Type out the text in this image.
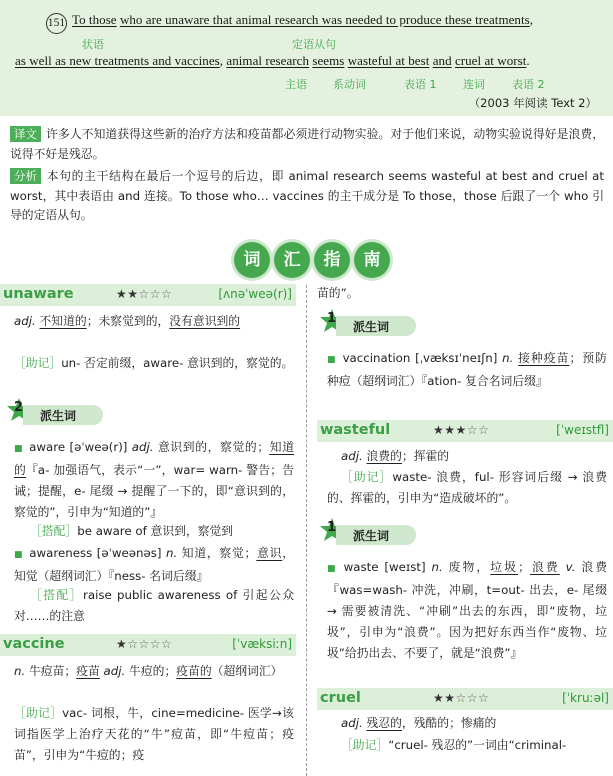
151 To those who are unaware that animal research was needed to produce these treatments,
状语	定语从句
as well as new treatments and vaccines, animal research seems wasteful at best and cruel at worst.
主语 系动词	表语 1 连词 表语 2
（2003 年阅读 Text 2）
译文 许多人不知道获得这些新的治疗方法和疫苗都必须进行动物实验。对于他们来说，动物实验说得好是浪费，说得不好是残忍。
分析 本句的主干结构在最后一个逗号的后边，即 animal research seems wasteful at best and cruel at worst，其中表语由 and 连接。To those who… vaccines 的主干成分是 To those，those 后跟了一个 who 引导的定语从句。
词	汇	指	南
unaware	★★☆☆☆	[ʌnəˈweə(r)]
adj. 不知道的；未察觉到的，没有意识到的
［助记］un- 否定前缀，aware- 意识到的，察觉的。
2
派生词
■ aware [əˈweə(r)] adj. 意识到的，察觉的；知道的『a- 加强语气，表示“一”，war= warn- 警告；告诫；提醒，e- 尾缀 → 提醒了一下的，即“意识到的，察觉的”，引申为“知道的”』
［搭配］be aware of 意识到，察觉到
■ awareness [əˈweənəs] n. 知道，察觉；意识，知觉（超纲词汇）『ness- 名词后缀』
［搭配］raise public awareness of 引起公众对……的注意
vaccine	★☆☆☆☆	[ˈvæksiːn]
n. 牛痘苗；疫苗 adj. 牛痘的；疫苗的（超纲词汇）
［助记］vac- 词根，牛，cine=medicine- 医学→该词指医学上治疗天花的“牛”痘苗，即“牛痘苗；疫苗”，引申为“牛痘的；疫
苗的”。
1
派生词
■ vaccination [ˌvæksɪˈneɪʃn] n. 接种疫苗；预防种痘（超纲词汇）『ation- 复合名词后缀』
wasteful	★★★☆☆	[ˈweɪstfl]
adj. 浪费的；挥霍的
［助记］waste- 浪费，ful- 形容词后缀 → 浪费的、挥霍的，引申为“造成破坏的”。
1
派生词
■ waste [weɪst] n. 废物，垃圾；浪费 v. 浪费『was=wash- 冲洗，冲刷，t=out- 出去，e- 尾缀 → 需要被清洗、“冲刷”出去的东西，即“废物，垃圾”，引申为“浪费”。因为把好东西当作“废物、垃圾”给扔出去、不要了，就是“浪费”』
cruel	★★☆☆☆	[ˈkruːəl]
adj. 残忍的，残酷的；惨痛的
［助记］“cruel- 残忍的”一词由“criminal-
